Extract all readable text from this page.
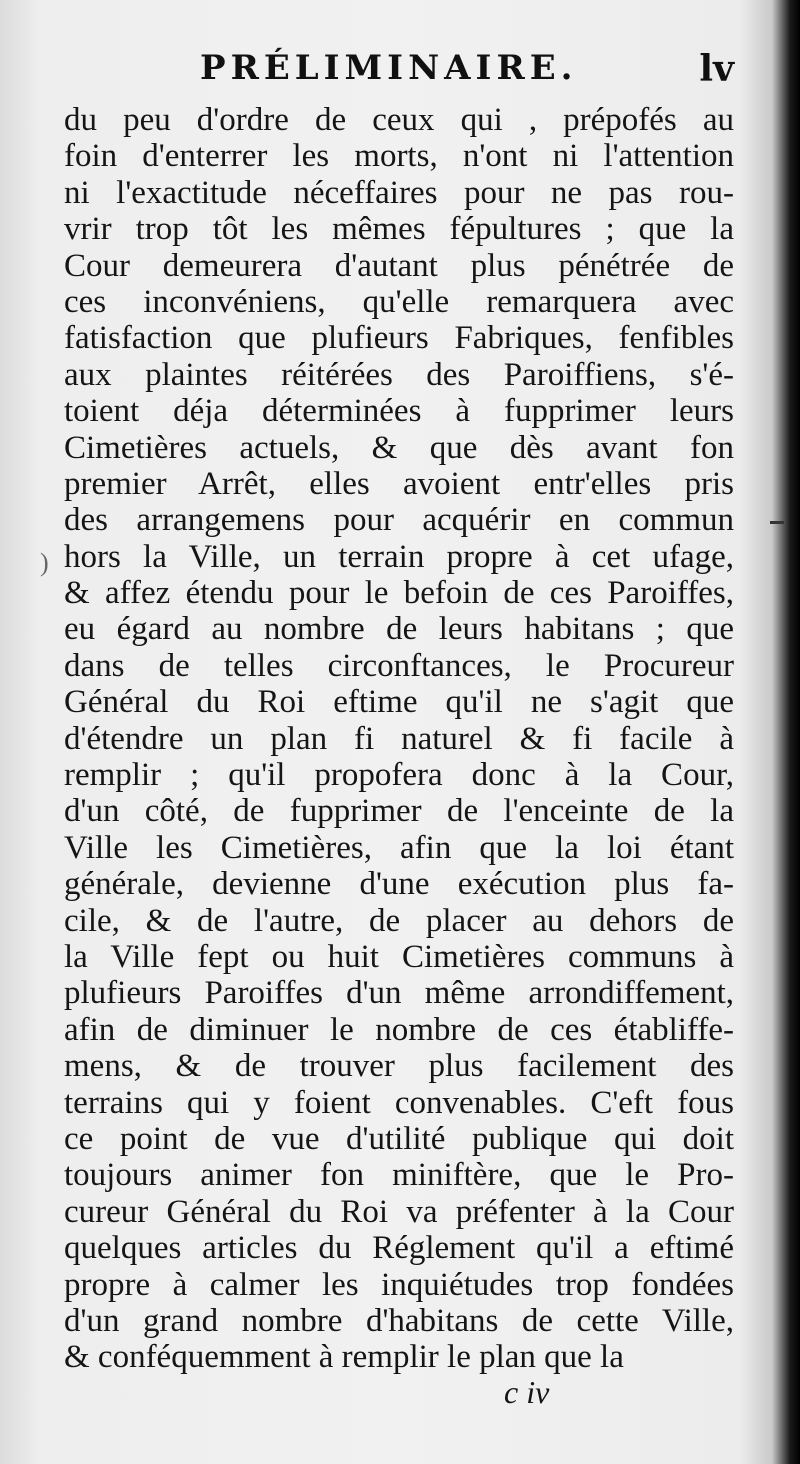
PRÉLIMINAIRE.	lv
du peu d'ordre de ceux qui , prépofés au
foin d'enterrer les morts, n'ont ni l'attention
ni l'exactitude néceffaires pour ne pas rou-
vrir trop tôt les mêmes fépultures ; que la
Cour demeurera d'autant plus pénétrée de
ces inconvéniens, qu'elle remarquera avec
fatisfaction que plufieurs Fabriques, fenfibles
aux plaintes réitérées des Paroiffiens, s'é-
toient déja déterminées à fupprimer leurs
Cimetières actuels, & que dès avant fon
premier Arrêt, elles avoient entr'elles pris
des arrangemens pour acquérir en commun
hors la Ville, un terrain propre à cet ufage,
& affez étendu pour le befoin de ces Paroiffes,
eu égard au nombre de leurs habitans ; que
dans de telles circonftances, le Procureur
Général du Roi eftime qu'il ne s'agit que
d'étendre un plan fi naturel & fi facile à
remplir ; qu'il propofera donc à la Cour,
d'un côté, de fupprimer de l'enceinte de la
Ville les Cimetières, afin que la loi étant
générale, devienne d'une exécution plus fa-
cile, & de l'autre, de placer au dehors de
la Ville fept ou huit Cimetières communs à
plufieurs Paroiffes d'un même arrondiffement,
afin de diminuer le nombre de ces établiffe-
mens, & de trouver plus facilement des
terrains qui y foient convenables. C'eft fous
ce point de vue d'utilité publique qui doit
toujours animer fon miniftère, que le Pro-
cureur Général du Roi va préfenter à la Cour
quelques articles du Réglement qu'il a eftimé
propre à calmer les inquiétudes trop fondées
d'un grand nombre d'habitans de cette Ville,
& conféquemment à remplir le plan que la
c iv
)
